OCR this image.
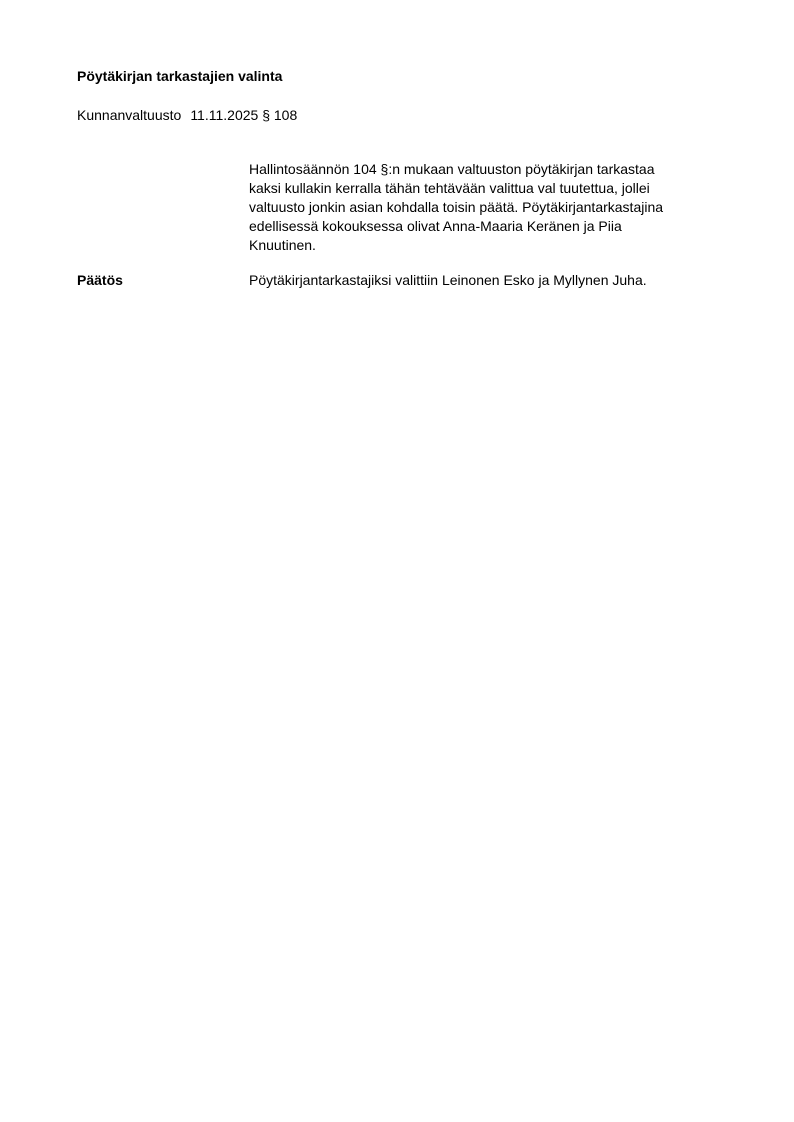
Pöytäkirjan tarkastajien valinta
Kunnanvaltuusto 11.11.2025 § 108
Hallintosäännön 104 §:n mukaan valtuuston pöytäkirjan tarkastaa
kaksi kullakin kerralla tähän tehtävään valittua val tuutettua, jollei
valtuusto jonkin asian kohdalla toisin päätä. Pöytäkirjantarkastajina
edellisessä kokouksessa olivat Anna-Maaria Keränen ja Piia
Knuutinen.
Päätös	Pöytäkirjantarkastajiksi valittiin Leinonen Esko ja Myllynen Juha.
